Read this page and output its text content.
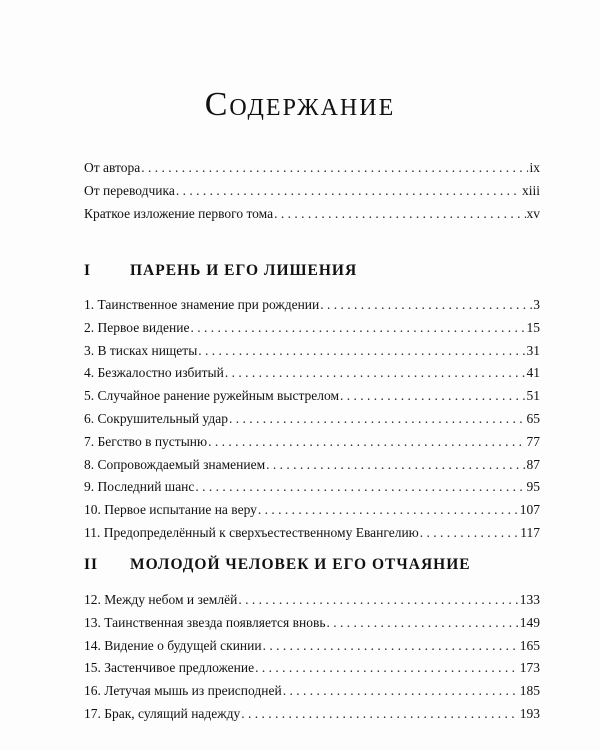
Содержание
От автора . . .	ix
От переводчика . . .	xiii
Краткое изложение первого тома . . .	xv
I	ПАРЕНЬ И ЕГО ЛИШЕНИЯ
1. Таинственное знамение при рождении . . .	3
2. Первое видение . . .	15
3. В тисках нищеты . . .	31
4. Безжалостно избитый . . .	41
5. Случайное ранение ружейным выстрелом . . .	51
6. Сокрушительный удар . . .	65
7. Бегство в пустыню . . .	77
8. Сопровождаемый знамением . . .	87
9. Последний шанс . . .	95
10. Первое испытание на веру . . .	107
11. Предопределённый к сверхъестественному Евангелию . . .	117
II МОЛОДОЙ ЧЕЛОВЕК И ЕГО ОТЧАЯНИЕ
12. Между небом и землёй . . .	133
13. Таинственная звезда появляется вновь . . .	149
14. Видение о будущей скинии . . .	165
15. Застенчивое предложение . . .	173
16. Летучая мышь из преисподней . . .	185
17. Брак, сулящий надежду . . .	193
